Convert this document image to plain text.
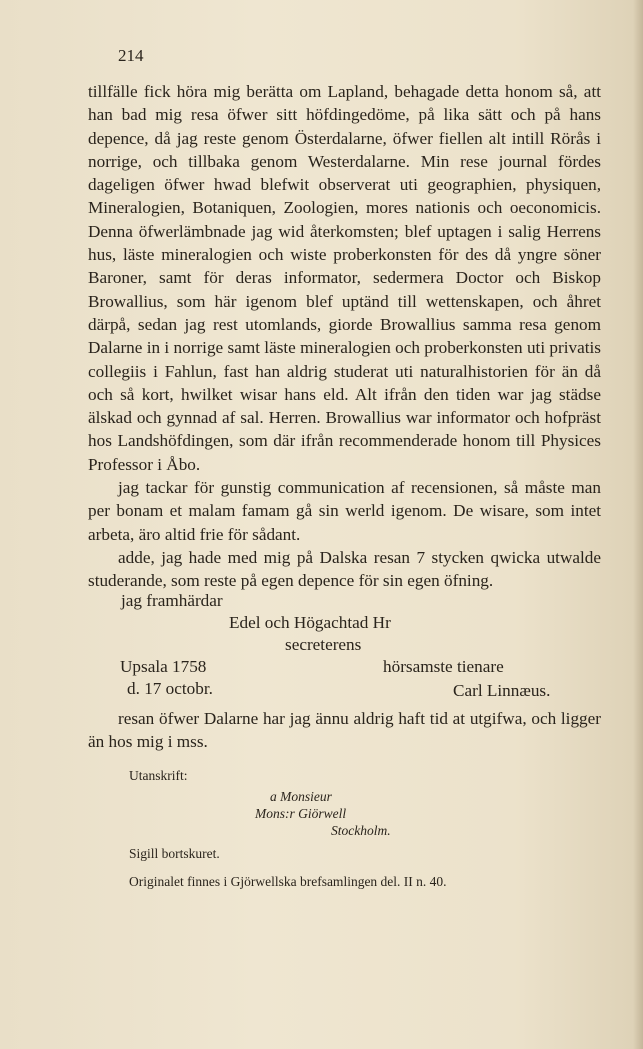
214

tillfälle fick höra mig berätta om Lapland, behagade detta honom så, att han bad mig resa öfwer sitt höfdingedöme, på lika sätt och på hans depence, då jag reste genom Österdalarne, öfwer fiellen alt intill Rörås i norrige, och tillbaka genom Westerdalarne. Min rese journal fördes dageligen öfwer hwad blefwit observerat uti geographien, physiquen, Mineralogien, Botaniquen, Zoologien, mores nationis och oeconomicis. Denna öfwerlämbnade jag wid återkomsten; blef uptagen i salig Herrens hus, läste mineralogien och wiste proberkonsten för des då yngre söner Baroner, samt för deras informator, sedermera Doctor och Biskop Browallius, som här igenom blef uptänd till wettenskapen, och åhret därpå, sedan jag rest utomlands, giorde Browallius samma resa genom Dalarne in i norrige samt läste mineralogien och proberkonsten uti privatis collegiis i Fahlun, fast han aldrig studerat uti naturalhistorien för än då och så kort, hwilket wisar hans eld. Alt ifrån den tiden war jag städse älskad och gynnad af sal. Herren. Browallius war informator och hofpräst hos Landshöfdingen, som där ifrån recommenderade honom till Physices Professor i Åbo.

jag tackar för gunstig communication af recensionen, så måste man per bonam et malam famam gå sin werld igenom. De wisare, som intet arbeta, äro altid frie för sådant.

adde, jag hade med mig på Dalska resan 7 stycken qwicka utwalde studerande, som reste på egen depence för sin egen öfning.

jag framhärdar
Edel och Högachtad Hr
secreterens
Upsala 1758	hörsamste tienare
d. 17 octobr.	Carl Linnæus.
resan öfwer Dalarne har jag ännu aldrig haft tid at utgifwa, och ligger än hos mig i mss.
Utanskrift:
a Monsieur
Mons:r Giörwell
Stockholm.
Sigill bortskuret.
Originalet finnes i Gjörwellska brefsamlingen del. II n. 40.
